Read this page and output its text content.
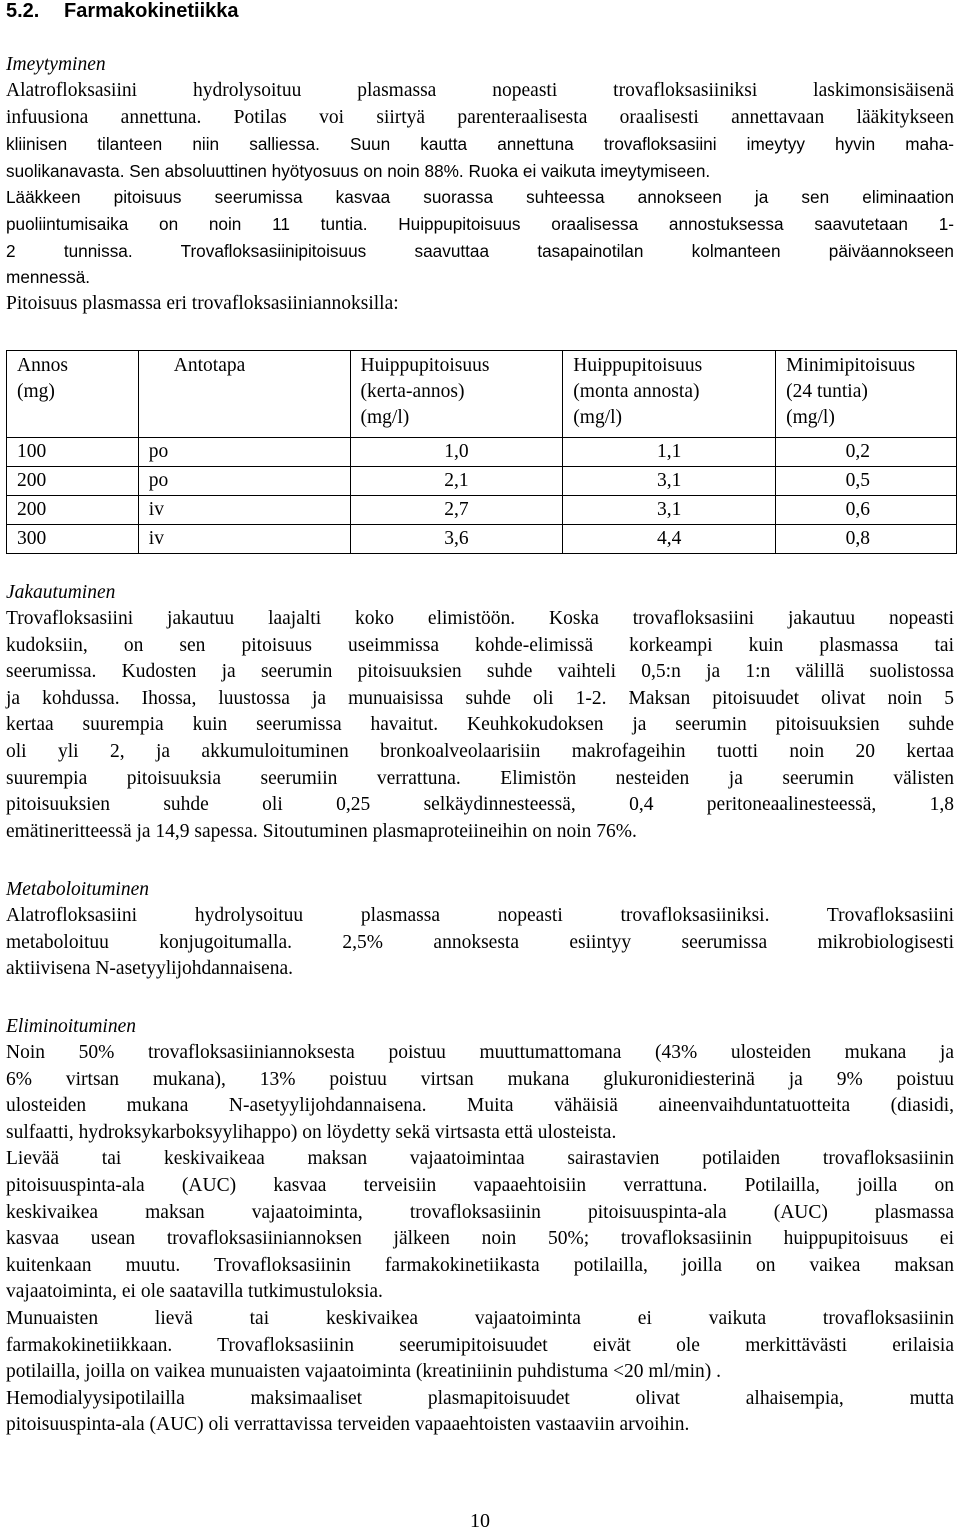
5.2. Farmakokinetiikka
Imeytyminen
Alatrofloksasiini hydrolysoituu plasmassa nopeasti trovafloksasiiniksi laskimonsisäisenä
infuusiona annettuna. Potilas voi siirtyä parenteraalisesta oraalisesti annettavaan lääkitykseen
kliinisen tilanteen niin salliessa. Suun kautta annettuna trovafloksasiini imeytyy hyvin maha-
suolikanavasta. Sen absoluuttinen hyötyosuus on noin 88%. Ruoka ei vaikuta imeytymiseen.
Lääkkeen pitoisuus seerumissa kasvaa suorassa suhteessa annokseen ja sen eliminaation
puoliintumisaika on noin 11 tuntia. Huippupitoisuus oraalisessa annostuksessa saavutetaan 1-
2 tunnissa. Trovafloksasiinipitoisuus saavuttaa tasapainotilan kolmanteen päiväannokseen
mennessä.
Pitoisuus plasmassa eri trovafloksasiiniannoksilla:
Annos
(mg)	Antotapa	Huippupitoisuus
(kerta-annos)
(mg/l)	Huippupitoisuus
(monta annosta)
(mg/l)	Minimipitoisuus
(24 tuntia)
(mg/l)

100	po	1,0	1,1	0,2
200	po	2,1	3,1	0,5
200	iv	2,7	3,1	0,6
300	iv	3,6	4,4	0,8
Jakautuminen
Trovafloksasiini jakautuu laajalti koko elimistöön. Koska trovafloksasiini jakautuu nopeasti
kudoksiin, on sen pitoisuus useimmissa kohde-elimissä korkeampi kuin plasmassa tai
seerumissa. Kudosten ja seerumin pitoisuuksien suhde vaihteli 0,5:n ja 1:n välillä suolistossa
ja kohdussa. Ihossa, luustossa ja munuaisissa suhde oli 1-2. Maksan pitoisuudet olivat noin 5
kertaa suurempia kuin seerumissa havaitut. Keuhkokudoksen ja seerumin pitoisuuksien suhde
oli yli 2, ja akkumuloituminen bronkoalveolaarisiin makrofageihin tuotti noin 20 kertaa
suurempia pitoisuuksia seerumiin verrattuna. Elimistön nesteiden ja seerumin välisten
pitoisuuksien suhde oli 0,25 selkäydinnesteessä, 0,4 peritoneaalinesteessä, 1,8
emätineritteessä ja 14,9 sapessa. Sitoutuminen plasmaproteiineihin on noin 76%.
Metaboloituminen
Alatrofloksasiini hydrolysoituu plasmassa nopeasti trovafloksasiiniksi. Trovafloksasiini
metaboloituu konjugoitumalla. 2,5% annoksesta esiintyy seerumissa mikrobiologisesti
aktiivisena N-asetyylijohdannaisena.
Eliminoituminen
Noin 50% trovafloksasiiniannoksesta poistuu muuttumattomana (43% ulosteiden mukana ja
6% virtsan mukana), 13% poistuu virtsan mukana glukuronidiesterinä ja 9% poistuu
ulosteiden mukana N-asetyylijohdannaisena. Muita vähäisiä aineenvaihduntatuotteita (diasidi,
sulfaatti, hydroksykarboksyylihappo) on löydetty sekä virtsasta että ulosteista.
Lievää tai keskivaikeaa maksan vajaatoimintaa sairastavien potilaiden trovafloksasiinin
pitoisuuspinta-ala (AUC) kasvaa terveisiin vapaaehtoisiin verrattuna. Potilailla, joilla on
keskivaikea maksan vajaatoiminta, trovafloksasiinin pitoisuuspinta-ala (AUC) plasmassa
kasvaa usean trovafloksasiiniannoksen jälkeen noin 50%; trovafloksasiinin huippupitoisuus ei
kuitenkaan muutu. Trovafloksasiinin farmakokinetiikasta potilailla, joilla on vaikea maksan
vajaatoiminta, ei ole saatavilla tutkimustuloksia.
Munuaisten lievä tai keskivaikea vajaatoiminta ei vaikuta trovafloksasiinin
farmakokinetiikkaan. Trovafloksasiinin seerumipitoisuudet eivät ole merkittävästi erilaisia
potilailla, joilla on vaikea munuaisten vajaatoiminta (kreatiniinin puhdistuma <20 ml/min) .
Hemodialyysipotilailla maksimaaliset plasmapitoisuudet olivat alhaisempia, mutta
pitoisuuspinta-ala (AUC) oli verrattavissa terveiden vapaaehtoisten vastaaviin arvoihin.
10
